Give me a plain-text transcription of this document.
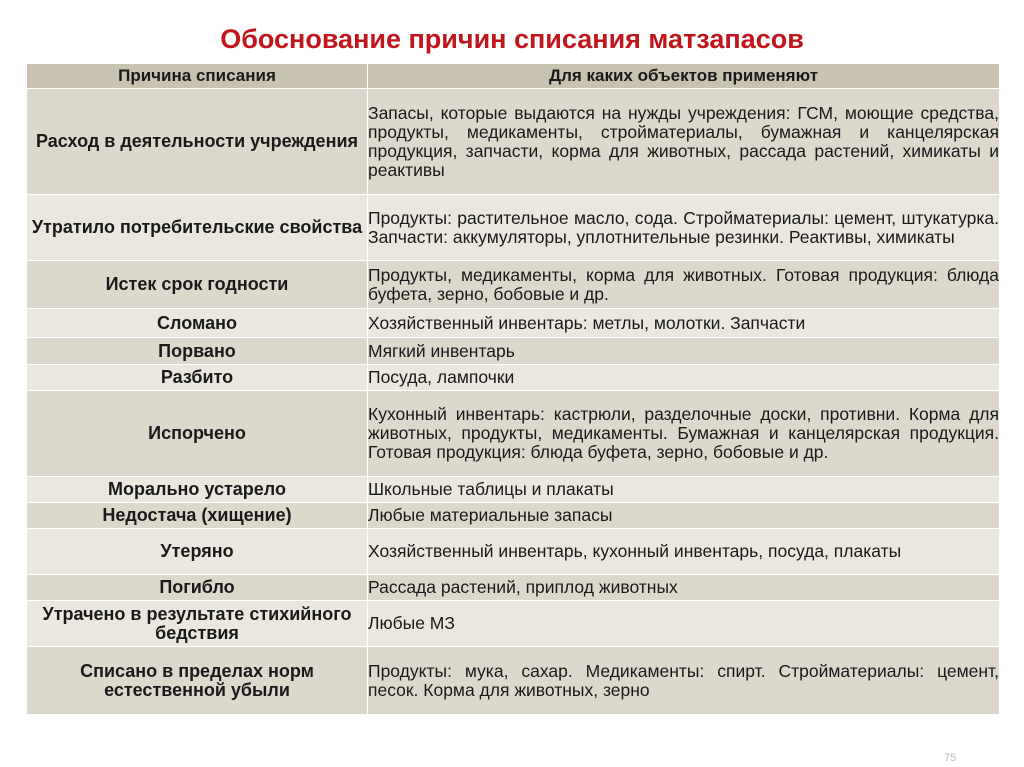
Обоснование причин списания матзапасов
Причина списания	Для каких объектов применяют
Расход в деятельности учреждения	Запасы, которые выдаются на нужды учреждения: ГСМ, моющие средства, продукты, медикаменты, стройматериалы, бумажная и канцелярская продукция, запчасти, корма для животных, рассада растений, химикаты и реактивы
Утратило потребительские свойства	Продукты: растительное масло, сода. Стройматериалы: цемент, штукатурка. Запчасти: аккумуляторы, уплотнительные резинки. Реактивы, химикаты
Истек срок годности	Продукты, медикаменты, корма для животных. Готовая продукция: блюда буфета, зерно, бобовые и др.
Сломано	Хозяйственный инвентарь: метлы, молотки. Запчасти
Порвано	Мягкий инвентарь
Разбито	Посуда, лампочки
Испорчено	Кухонный инвентарь: кастрюли, разделочные доски, противни. Корма для животных, продукты, медикаменты. Бумажная и канцелярская продукция. Готовая продукция: блюда буфета, зерно, бобовые и др.
Морально устарело	Школьные таблицы и плакаты
Недостача (хищение)	Любые материальные запасы
Утеряно	Хозяйственный инвентарь, кухонный инвентарь, посуда, плакаты
Погибло	Рассада растений, приплод животных
Утрачено в результате стихийного бедствия	Любые МЗ
Списано в пределах норм естественной убыли	Продукты: мука, сахар. Медикаменты: спирт. Стройматериалы: цемент, песок. Корма для животных, зерно
75
